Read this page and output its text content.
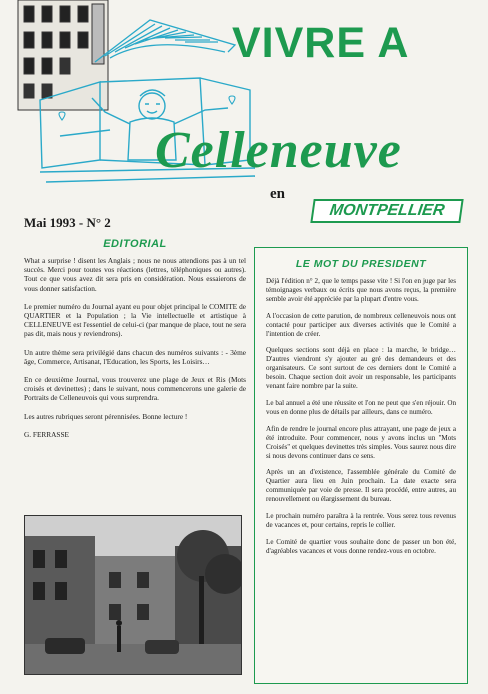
VIVRE A
Celleneuve
en
MONTPELLIER
Mai 1993 - N° 2
EDITORIAL

What a surprise ! disent les Anglais ; nous ne nous attendions pas à un tel succès. Merci pour toutes vos réactions (lettres, téléphoniques ou autres). Tout ce que vous avez dit sera pris en considération. Nous essaierons de vous donner satisfaction.

Le premier numéro du Journal ayant eu pour objet principal le COMITE de QUARTIER et la Population ; la Vie intellectuelle et artistique à CELLENEUVE est l'essentiel de celui-ci (par manque de place, tout ne sera pas dit, mais nous y reviendrons).

Un autre thème sera privilégié dans chacun des numéros suivants : - 3ème âge, Commerce, Artisanat, l'Education, les Sports, les Loisirs…

En ce deuxième Journal, vous trouverez une plage de Jeux et Ris (Mots croisés et devinettes) ; dans le suivant, nous commencerons une galerie de Portraits de Celleneuvois qui vous surprendra.

Les autres rubriques seront pérennisées. Bonne lecture !

G. FERRASSE

LE MOT DU PRESIDENT

Déjà l'édition n° 2, que le temps passe vite ! Si l'on en juge par les témoignages verbaux ou écrits que nous avons reçus, la première semble avoir été appréciée par la plupart d'entre vous.

A l'occasion de cette parution, de nombreux celleneuvois nous ont contacté pour participer aux diverses activités que le Comité a l'intention de créer.

Quelques sections sont déjà en place : la marche, le bridge… D'autres viendront s'y ajouter au gré des demandeurs et des organisateurs. Ce sont surtout de ces derniers dont le Comité a besoin. Chaque section doit avoir un responsable, les participants venant faire nombre par la suite.

Le bal annuel a été une réussite et l'on ne peut que s'en réjouir. On vous en donne plus de détails par ailleurs, dans ce numéro.

Afin de rendre le journal encore plus attrayant, une page de jeux a été introduite. Pour commencer, nous y avons inclus un "Mots Croisés" et quelques devinettes très simples. Vous saurez nous dire si nous devons continuer dans ce sens.

Après un an d'existence, l'assemblée générale du Comité de Quartier aura lieu en Juin prochain. La date exacte sera communiquée par voie de presse. Il sera procédé, entre autres, au renouvellement ou élargissement du bureau.

Le prochain numéro paraîtra à la rentrée. Vous serez tous revenus de vacances et, pour certains, repris le collier.

Le Comité de quartier vous souhaite donc de passer un bon été, d'agréables vacances et vous donne rendez-vous en octobre.
